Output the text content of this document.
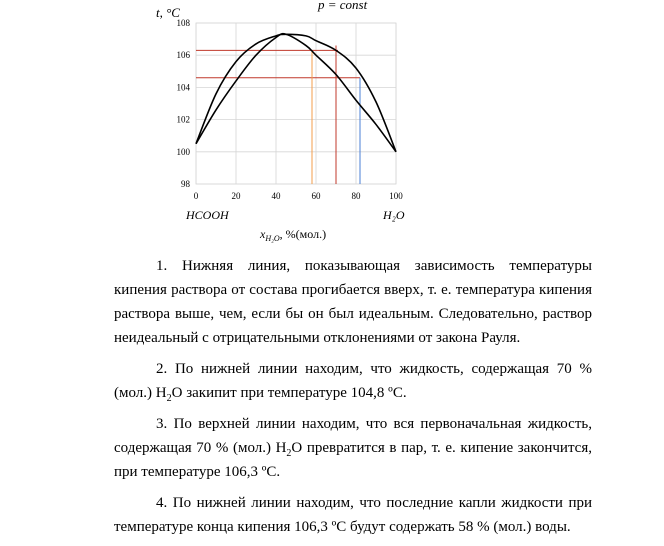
t, °C
p = const
0	20	40	60	80	100
98
100
102
104
106
108
HCOOH	H₂O
$x_{H_2O}$, %(мол.)

1. Нижняя линия, показывающая зависимость температуры кипения раствора от состава прогибается вверх, т. е. температура кипения раствора выше, чем, если бы он был идеальным. Следовательно, раствор неидеальный с отрицательными отклонениями от закона Рауля.

2. По нижней линии находим, что жидкость, содержащая 70 % (мол.) $H_2O$ закипит при температуре 104,8 ºС.

3. По верхней линии находим, что вся первоначальная жидкость, содержащая 70 % (мол.) $H_2O$ превратится в пар, т. е. кипение закончится, при температуре 106,3 ºС.

4. По нижней линии находим, что последние капли жидкости при температуре конца кипения 106,3 ºС будут содержать 58 % (мол.) воды.
